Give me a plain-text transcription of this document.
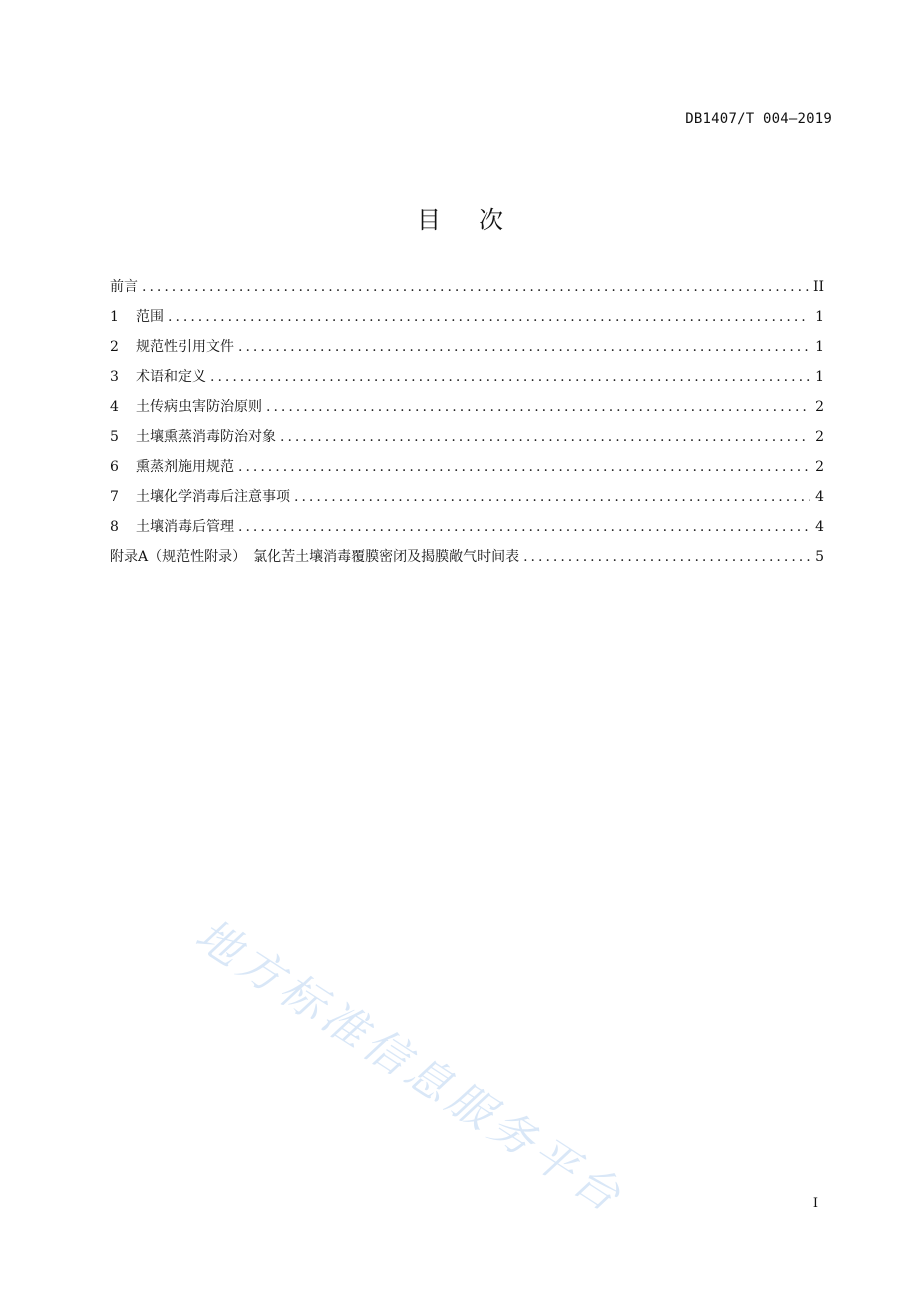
DB1407/T 004—2019
目次
前言 .....	II
1	范围 .....	1
2	规范性引用文件 .....	1
3	术语和定义 .....	1
4	土传病虫害防治原则 .....	2
5	土壤熏蒸消毒防治对象 .....	2
6	熏蒸剂施用规范 .....	2
7	土壤化学消毒后注意事项 .....	4
8	土壤消毒后管理 .....	4
附录A（规范性附录）　氯化苦土壤消毒覆膜密闭及揭膜敞气时间表 .....	5
地方标准信息服务平台	I
